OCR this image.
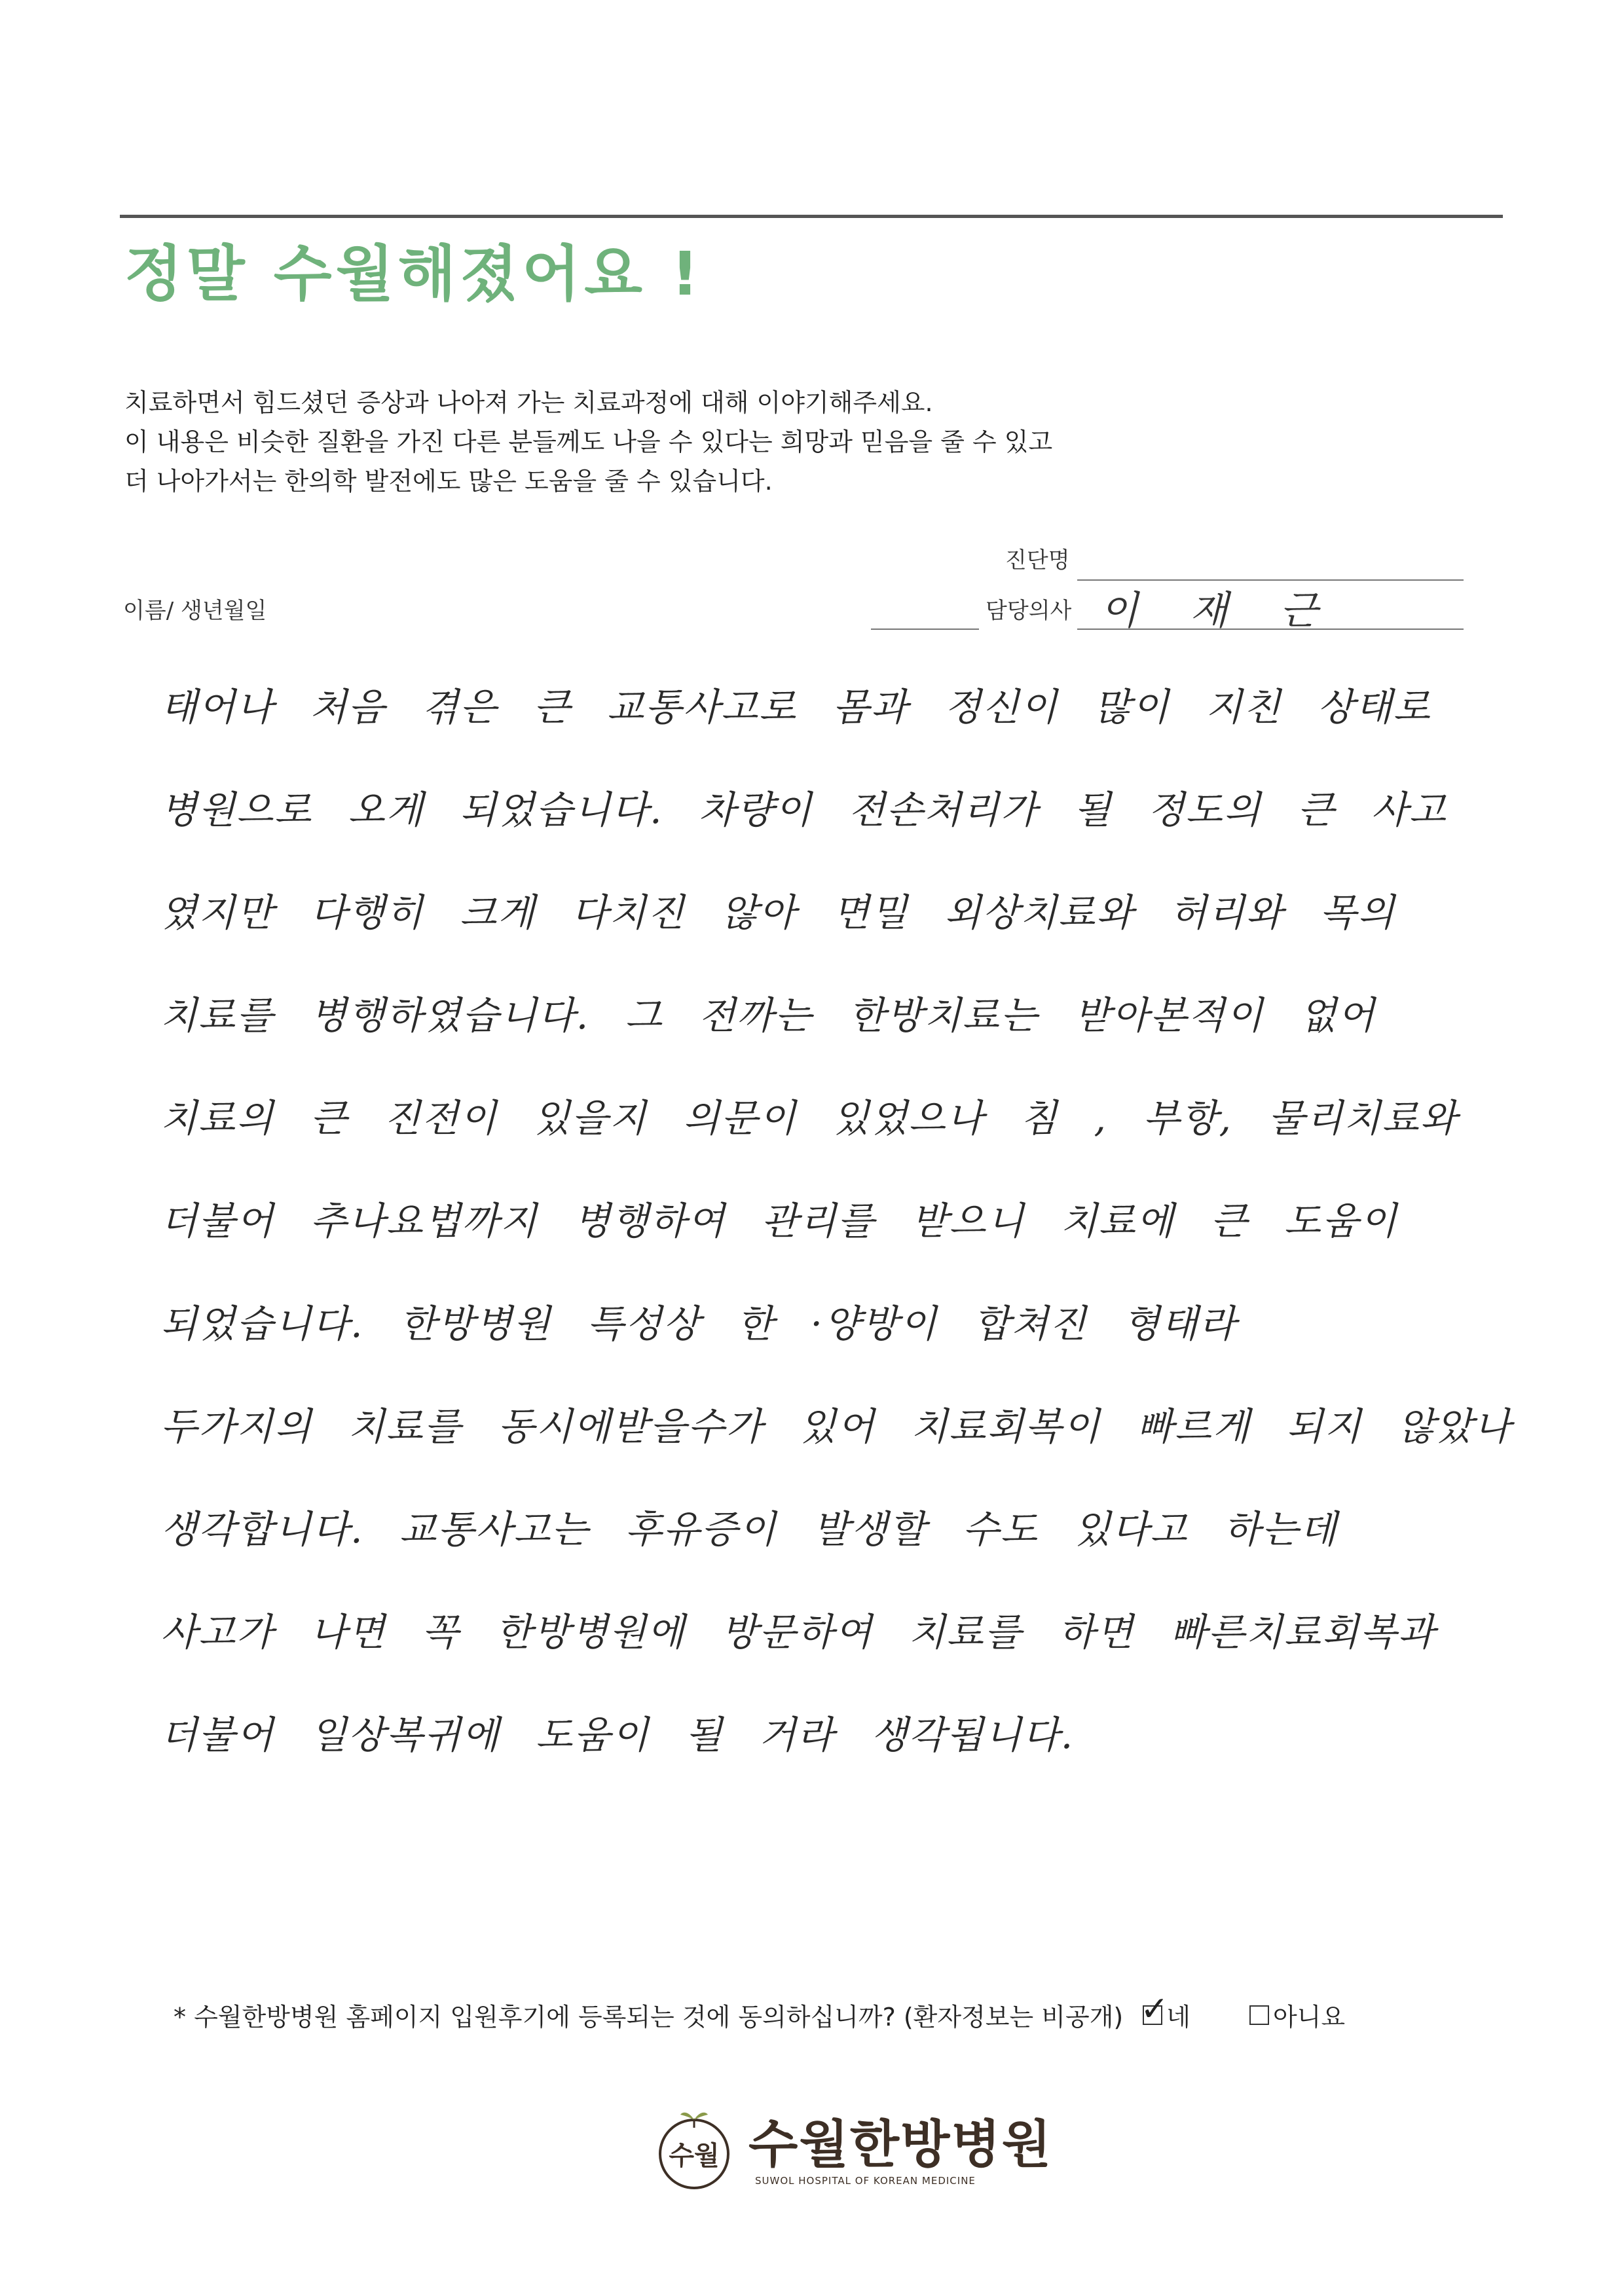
정말 수월해졌어요 !
치료하면서 힘드셨던 증상과 나아져 가는 치료과정에 대해 이야기해주세요.
이 내용은 비슷한 질환을 가진 다른 분들께도 나을 수 있다는 희망과 믿음을 줄 수 있고
더 나아가서는 한의학 발전에도 많은 도움을 줄 수 있습니다.
진단명
이름/ 생년월일	담당의사 이 재 근
태어나 처음 겪은 큰 교통사고로 몸과 정신이 많이 지친 상태로
병원으로 오게 되었습니다. 차량이 전손처리가 될 정도의 큰 사고
였지만 다행히 크게 다치진 않아 면밀 외상치료와 허리와 목의
치료를 병행하였습니다. 그 전까는 한방치료는 받아본적이 없어
치료의 큰 진전이 있을지 의문이 있었으나 침 , 부항, 물리치료와
더불어 추나요법까지 병행하여 관리를 받으니 치료에 큰 도움이
되었습니다. 한방병원 특성상 한 ·양방이 합쳐진 형태라
두가지의 치료를 동시에받을수가 있어 치료회복이 빠르게 되지 않았나
생각합니다. 교통사고는 후유증이 발생할 수도 있다고 하는데
사고가 나면 꼭 한방병원에 방문하여 치료를 하면 빠른치료회복과
더불어 일상복귀에 도움이 될 거라 생각됩니다.
* 수월한방병원 홈페이지 입원후기에 등록되는 것에 동의하십니까? (환자정보는 비공개) ✓
네	아니요
수월 수월한방병원
SUWOL HOSPITAL OF KOREAN MEDICINE
